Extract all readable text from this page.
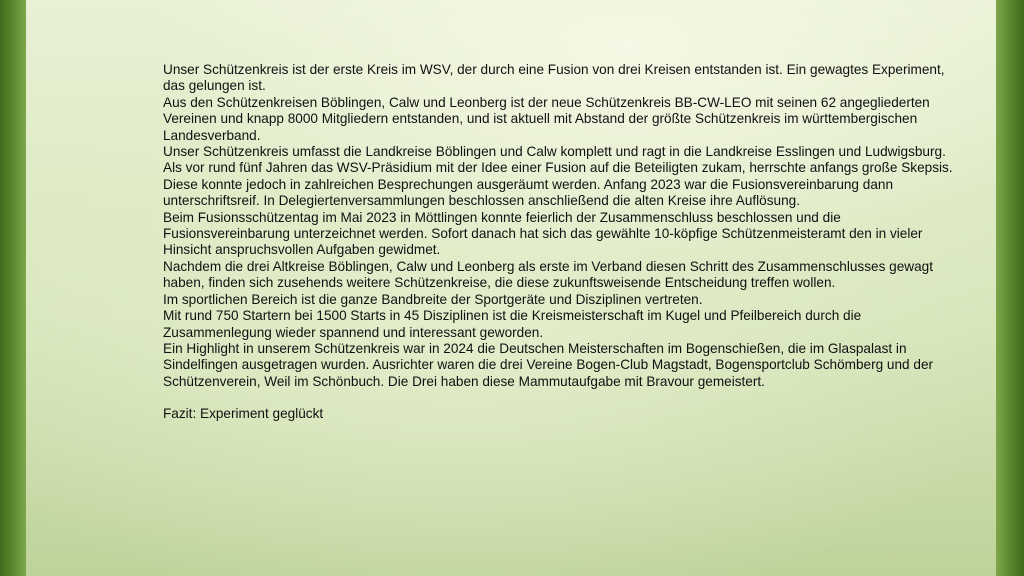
Unser Schützenkreis ist der erste Kreis im WSV, der durch eine Fusion von drei Kreisen entstanden ist. Ein gewagtes Experiment, das gelungen ist.

Aus den Schützenkreisen Böblingen, Calw und Leonberg ist der neue Schützenkreis BB-CW-LEO mit seinen 62 angegliederten Vereinen und knapp 8000 Mitgliedern entstanden, und ist aktuell mit Abstand der größte Schützenkreis im württembergischen Landesverband.

Unser Schützenkreis umfasst die Landkreise Böblingen und Calw komplett und ragt in die Landkreise Esslingen und Ludwigsburg.

Als vor rund fünf Jahren das WSV-Präsidium mit der Idee einer Fusion auf die Beteiligten zukam, herrschte anfangs große Skepsis. Diese konnte jedoch in zahlreichen Besprechungen ausgeräumt werden. Anfang 2023 war die Fusionsvereinbarung dann unterschriftsreif. In Delegiertenversammlungen beschlossen anschließend die alten Kreise ihre Auflösung.

Beim Fusionsschützentag im Mai 2023 in Möttlingen konnte feierlich der Zusammenschluss beschlossen und die Fusionsvereinbarung unterzeichnet werden. Sofort danach hat sich das gewählte 10-köpfige Schützenmeisteramt den in vieler Hinsicht anspruchsvollen Aufgaben gewidmet.

Nachdem die drei Altkreise Böblingen, Calw und Leonberg als erste im Verband diesen Schritt des Zusammenschlusses gewagt haben, finden sich zusehends weitere Schützenkreise, die diese zukunftsweisende Entscheidung treffen wollen.

Im sportlichen Bereich ist die ganze Bandbreite der Sportgeräte und Disziplinen vertreten.

Mit rund 750 Startern bei 1500 Starts in 45 Disziplinen ist die Kreismeisterschaft im Kugel und Pfeilbereich durch die Zusammenlegung wieder spannend und interessant geworden.

Ein Highlight in unserem Schützenkreis war in 2024 die Deutschen Meisterschaften im Bogenschießen, die im Glaspalast in Sindelfingen ausgetragen wurden. Ausrichter waren die drei Vereine Bogen-Club Magstadt, Bogensportclub Schömberg und der Schützenverein, Weil im Schönbuch. Die Drei haben diese Mammutaufgabe mit Bravour gemeistert.

Fazit: Experiment geglückt
